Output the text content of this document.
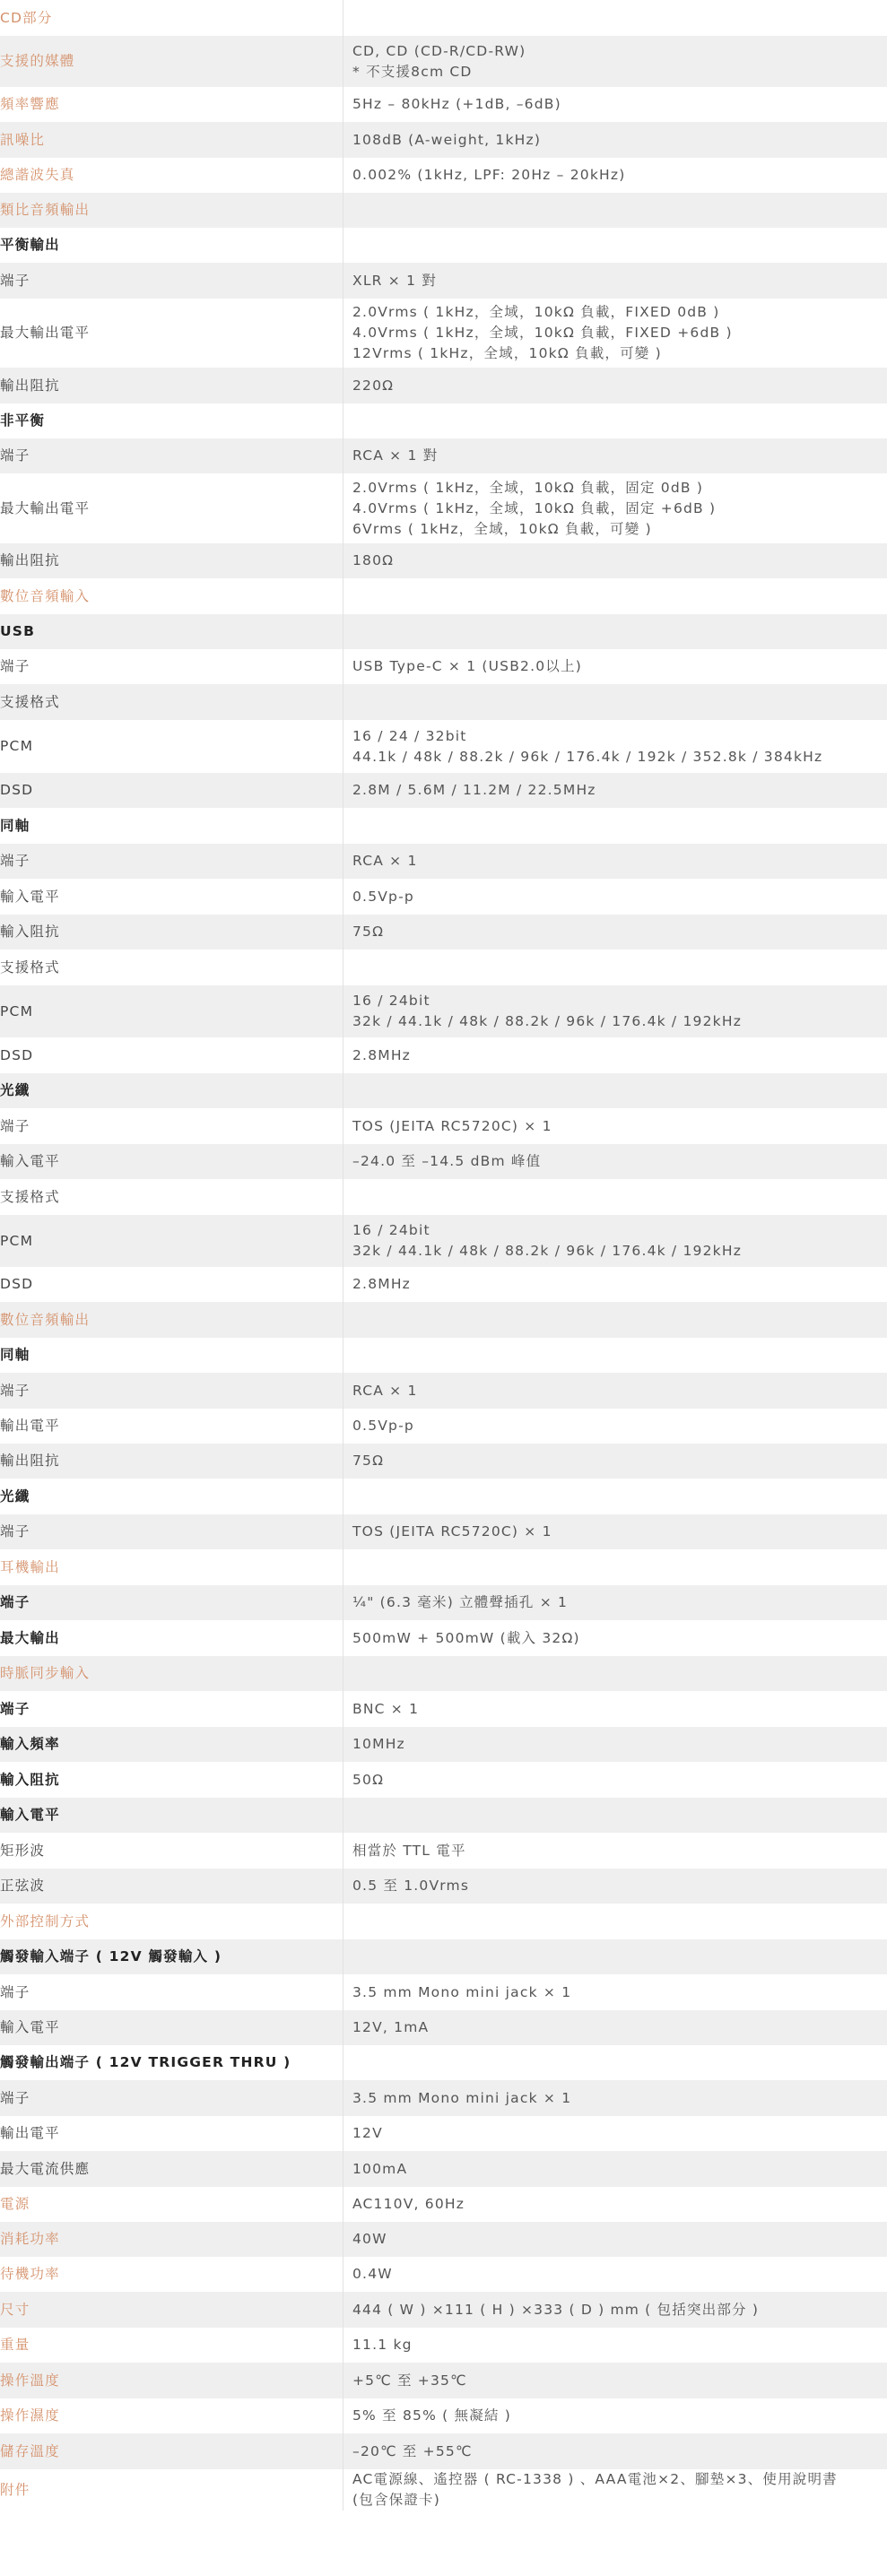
CD部分	
支援的媒體	CD, CD (CD-R/CD-RW)
* 不支援8cm CD

頻率響應	5Hz – 80kHz (+1dB, –6dB)

訊噪比	108dB (A-weight, 1kHz)

總諧波失真	0.002% (1kHz, LPF: 20Hz – 20kHz)

類比音頻輸出	
平衡輸出	
端子	XLR × 1 對

最大輸出電平	2.0Vrms ( 1kHz，全域，10kΩ 負載，FIXED 0dB )
4.0Vrms ( 1kHz，全域，10kΩ 負載，FIXED +6dB )
12Vrms ( 1kHz，全域，10kΩ 負載，可變 )

輸出阻抗	220Ω

非平衡	
端子	RCA × 1 對

最大輸出電平	2.0Vrms ( 1kHz，全域，10kΩ 負載，固定 0dB )
4.0Vrms ( 1kHz，全域，10kΩ 負載，固定 +6dB )
6Vrms ( 1kHz，全域，10kΩ 負載，可變 )

輸出阻抗	180Ω

數位音頻輸入	
USB	
端子	USB Type-C × 1 (USB2.0以上)

支援格式	
PCM	16 / 24 / 32bit
44.1k / 48k / 88.2k / 96k / 176.4k / 192k / 352.8k / 384kHz

DSD	2.8M / 5.6M / 11.2M / 22.5MHz

同軸	
端子	RCA × 1

輸入電平	0.5Vp-p

輸入阻抗	75Ω

支援格式	
PCM	16 / 24bit
32k / 44.1k / 48k / 88.2k / 96k / 176.4k / 192kHz

DSD	2.8MHz

光纖	
端子	TOS (JEITA RC5720C) × 1

輸入電平	–24.0 至 –14.5 dBm 峰值

支援格式	
PCM	16 / 24bit
32k / 44.1k / 48k / 88.2k / 96k / 176.4k / 192kHz

DSD	2.8MHz

數位音頻輸出	
同軸	
端子	RCA × 1

輸出電平	0.5Vp-p

輸出阻抗	75Ω

光纖	
端子	TOS (JEITA RC5720C) × 1

耳機輸出	
端子	¼" (6.3 毫米) 立體聲插孔 × 1

最大輸出	500mW + 500mW (載入 32Ω)

時脈同步輸入	
端子	BNC × 1

輸入頻率	10MHz

輸入阻抗	50Ω

輸入電平	
矩形波	相當於 TTL 電平

正弦波	0.5 至 1.0Vrms

外部控制方式	
觸發輸入端子 ( 12V 觸發輸入 )	
端子	3.5 mm Mono mini jack × 1

輸入電平	12V, 1mA

觸發輸出端子 ( 12V TRIGGER THRU )	
端子	3.5 mm Mono mini jack × 1

輸出電平	12V

最大電流供應	100mA

電源	AC110V, 60Hz

消耗功率	40W

待機功率	0.4W

尺寸	444 ( W ) ×111 ( H ) ×333 ( D ) mm ( 包括突出部分 )

重量	11.1 kg

操作溫度	+5℃ 至 +35℃

操作濕度	5% 至 85% ( 無凝結 )

儲存溫度	–20℃ 至 +55℃

附件	AC電源線、遙控器 ( RC-1338 ) 、AAA電池×2、腳墊×3、使用說明書
(包含保證卡)
